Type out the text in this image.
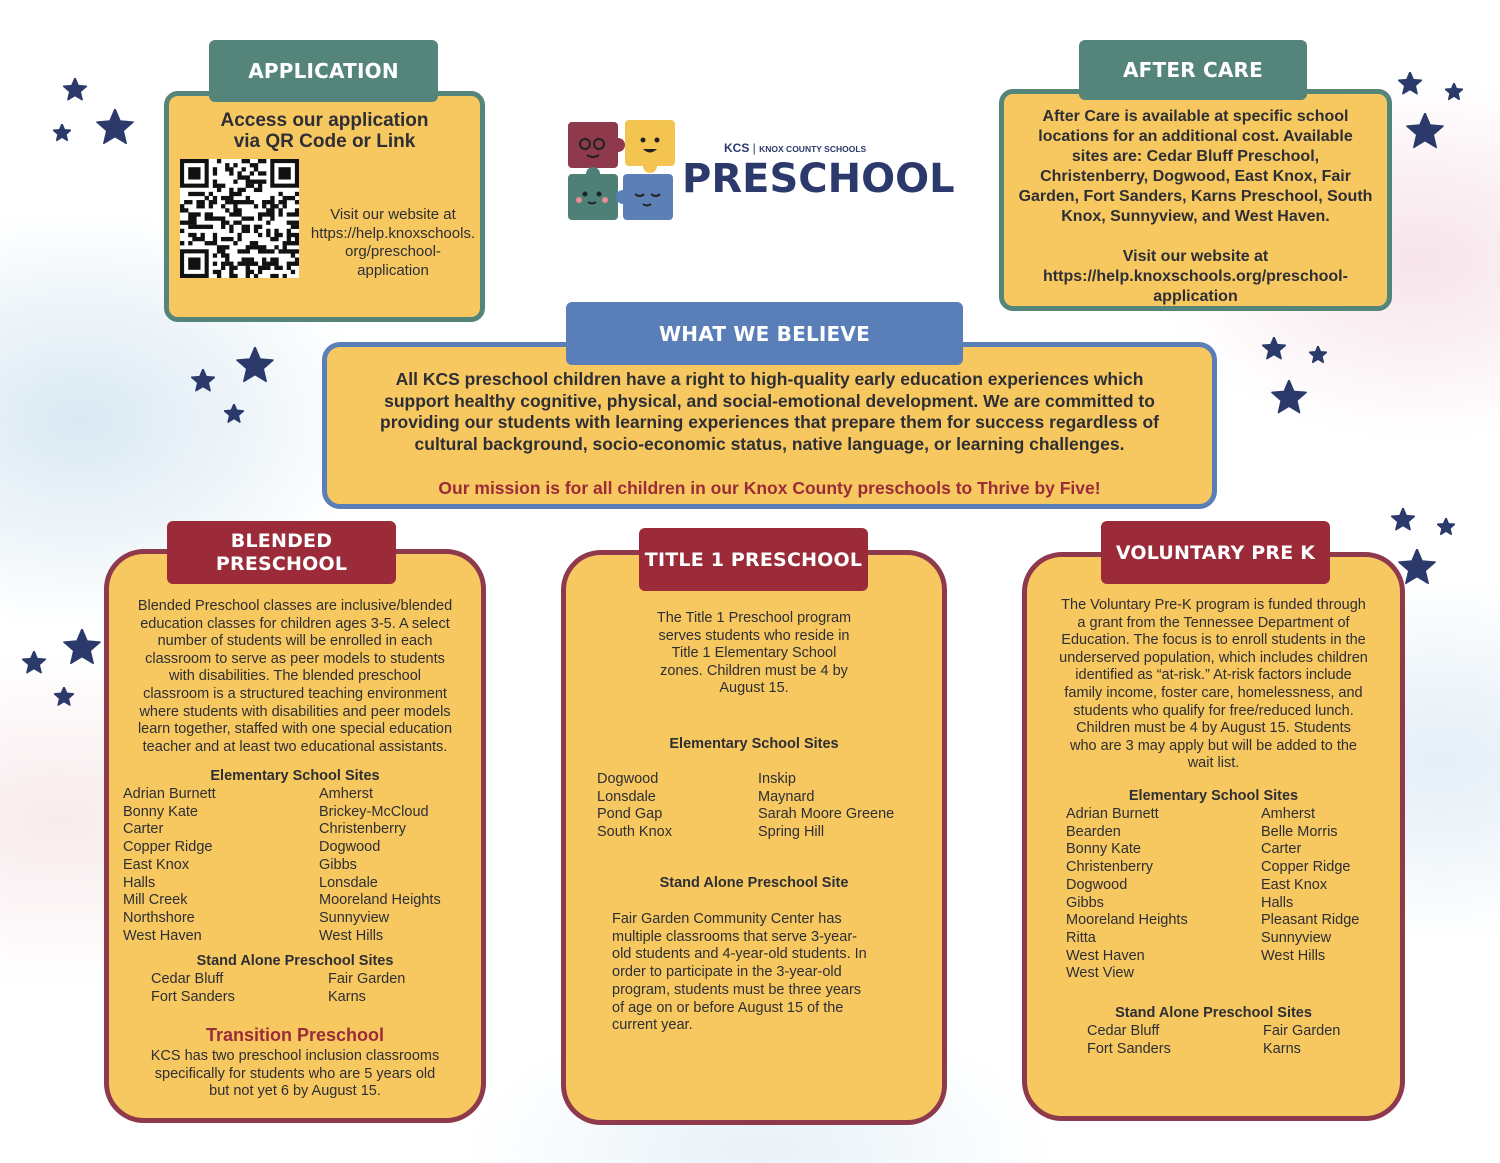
Access our application
via QR Code or Link
Visit our website at
https://help.knoxschools.
org/preschool-
application
APPLICATION
KCS | KNOX COUNTY SCHOOLS
PRESCHOOL
After Care is available at specific school
locations for an additional cost. Available
sites are: Cedar Bluff Preschool,
Christenberry, Dogwood, East Knox, Fair
Garden, Fort Sanders, Karns Preschool, South
Knox, Sunnyview, and West Haven.
Visit our website at
https://help.knoxschools.org/preschool-
application
AFTER CARE
All KCS preschool children have a right to high-quality early education experiences which
support healthy cognitive, physical, and social-emotional development. We are committed to
providing our students with learning experiences that prepare them for success regardless of
cultural background, socio-economic status, native language, or learning challenges.
Our mission is for all children in our Knox County preschools to Thrive by Five!
WHAT WE BELIEVE
Blended Preschool classes are inclusive/blended
education classes for children ages 3-5. A select
number of students will be enrolled in each
classroom to serve as peer models to students
with disabilities. The blended preschool
classroom is a structured teaching environment
where students with disabilities and peer models
learn together, staffed with one special education
teacher and at least two educational assistants.
Elementary School Sites
Adrian Burnett
Bonny Kate
Carter
Copper Ridge
East Knox
Halls
Mill Creek
Northshore
West Haven
Amherst
Brickey-McCloud
Christenberry
Dogwood
Gibbs
Lonsdale
Mooreland Heights
Sunnyview
West Hills
Stand Alone Preschool Sites
Cedar Bluff
Fort Sanders
Fair Garden
Karns
Transition Preschool
KCS has two preschool inclusion classrooms
specifically for students who are 5 years old
but not yet 6 by August 15.
BLENDED
PRESCHOOL
The Title 1 Preschool program
serves students who reside in
Title 1 Elementary School
zones. Children must be 4 by
August 15.
Elementary School Sites
Dogwood
Lonsdale
Pond Gap
South Knox
Inskip
Maynard
Sarah Moore Greene
Spring Hill
Stand Alone Preschool Site
Fair Garden Community Center has
multiple classrooms that serve 3-year-
old students and 4-year-old students. In
order to participate in the 3-year-old
program, students must be three years
of age on or before August 15 of the
current year.
TITLE 1 PRESCHOOL
The Voluntary Pre-K program is funded through
a grant from the Tennessee Department of
Education. The focus is to enroll students in the
underserved population, which includes children
identified as “at-risk.” At-risk factors include
family income, foster care, homelessness, and
students who qualify for free/reduced lunch.
Children must be 4 by August 15. Students
who are 3 may apply but will be added to the
wait list.
Elementary School Sites
Adrian Burnett
Bearden
Bonny Kate
Christenberry
Dogwood
Gibbs
Mooreland Heights
Ritta
West Haven
West View
Amherst
Belle Morris
Carter
Copper Ridge
East Knox
Halls
Pleasant Ridge
Sunnyview
West Hills
Stand Alone Preschool Sites
Cedar Bluff
Fort Sanders
Fair Garden
Karns
VOLUNTARY PRE K
